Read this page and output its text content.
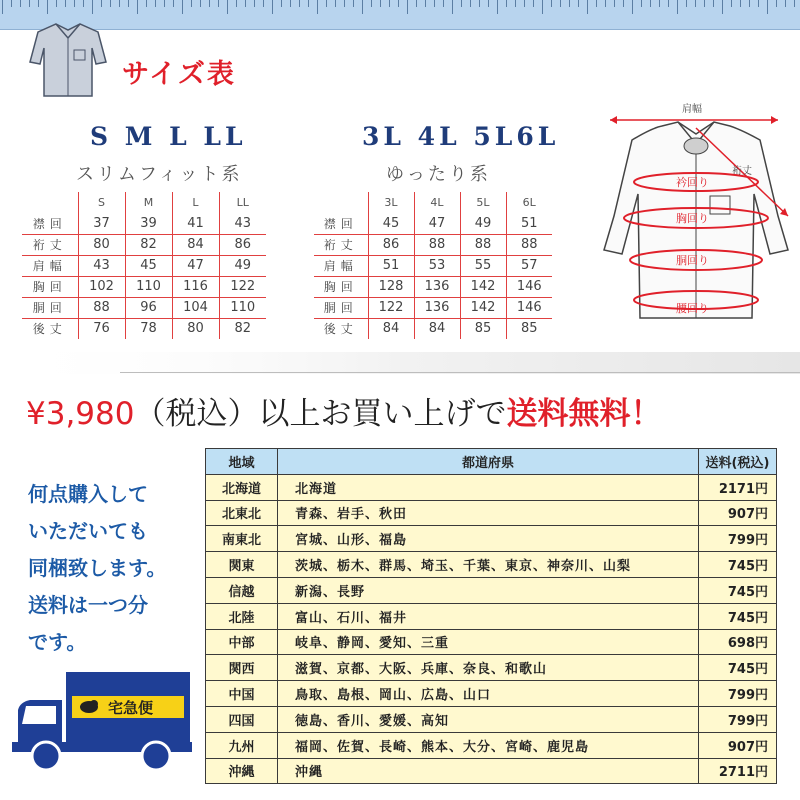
サイズ表
S M L LL
スリムフィット系
	S	M	L	LL
襟回	37	39	41	43
裄丈	80	82	84	86
肩幅	43	45	47	49
胸回	102	110	116	122
胴回	88	96	104	110
後丈	76	78	80	82
3L 4L 5L6L
ゆったり系
	3L	4L	5L	6L
襟回	45	47	49	51
裄丈	86	88	88	88
肩幅	51	53	55	57
胸回	128	136	142	146
胴回	122	136	142	146
後丈	84	84	85	85
肩幅
裄丈
衿回り
胸回り
胴回り
腰回り
¥3,980（税込）以上お買い上げで送料無料！
何点購入して
いただいても
同梱致します。
送料は一つ分
です。
地域	都道府県	送料(税込)
北海道	北海道	2171円
北東北	青森、岩手、秋田	907円
南東北	宮城、山形、福島	799円
関東	茨城、栃木、群馬、埼玉、千葉、東京、神奈川、山梨	745円
信越	新潟、長野	745円
北陸	富山、石川、福井	745円
中部	岐阜、静岡、愛知、三重	698円
関西	滋賀、京都、大阪、兵庫、奈良、和歌山	745円
中国	鳥取、島根、岡山、広島、山口	799円
四国	徳島、香川、愛媛、高知	799円
九州	福岡、佐賀、長崎、熊本、大分、宮崎、鹿児島	907円
沖縄	沖縄	2711円
宅急便
